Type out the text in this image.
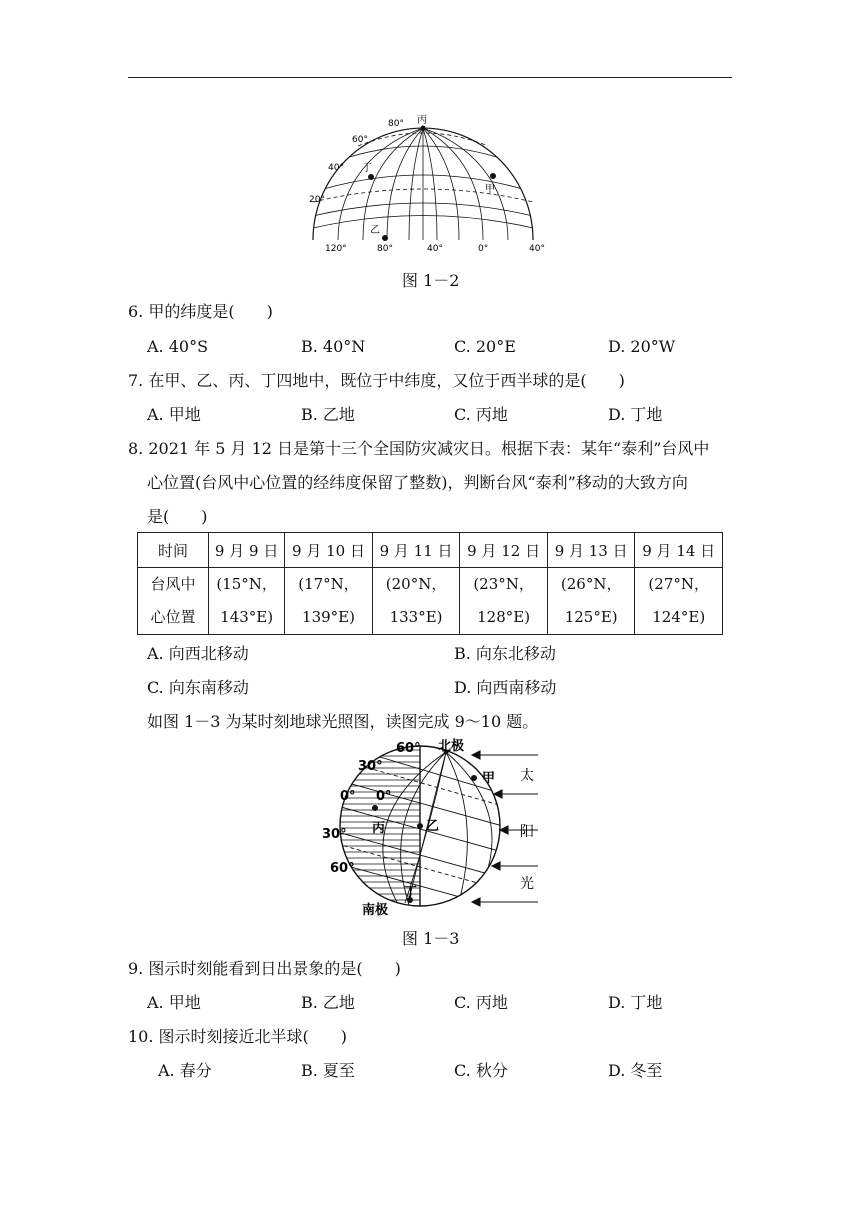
80°
60°
40°
20°
丙
丁
甲
乙
120°	80°	40°	0°	40°
图 1－2
6. 甲的纬度是(　　)
A. 40°S	B. 40°N	C. 20°E	D. 20°W
7. 在甲、乙、丙、丁四地中，既位于中纬度，又位于西半球的是(　　)
A. 甲地	B. 乙地	C. 丙地	D. 丁地
8. 2021 年 5 月 12 日是第十三个全国防灾减灾日。根据下表：某年“泰利”台风中
心位置(台风中心位置的经纬度保留了整数)，判断台风“泰利”移动的大致方向
是(　　)
时间	9 月 9 日	9 月 10 日	9 月 11 日	9 月 12 日	9 月 13 日	9 月 14 日
台风中
心位置	(15°N，
143°E)	(17°N，
139°E)	(20°N，
133°E)	(23°N，
128°E)	(26°N，
125°E)	(27°N，
124°E)
A. 向西北移动	B. 向东北移动
C. 向东南移动	D. 向西南移动
如图 1－3 为某时刻地球光照图，读图完成 9～10 题。
60° 北极
30°
0° 0°
丙	乙
甲
30°
60°
丁
南极
太
阳
光
图 1－3
9. 图示时刻能看到日出景象的是(　　)
A. 甲地	B. 乙地	C. 丙地	D. 丁地
10. 图示时刻接近北半球(　　)
A. 春分	B. 夏至	C. 秋分	D. 冬至
